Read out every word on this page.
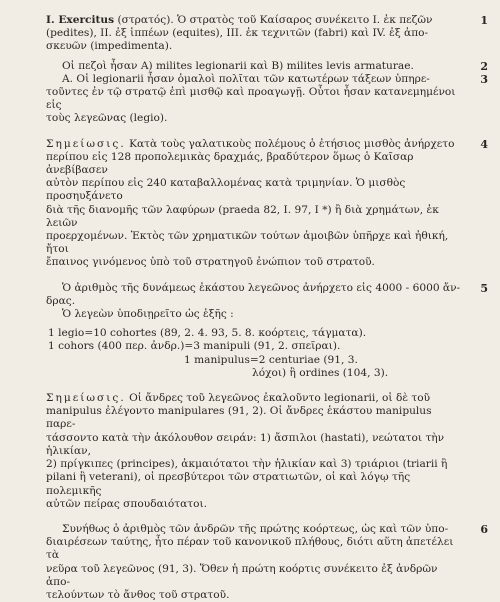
1
I. Exercitus (στρατός). Ὁ στρατὸς τοῦ Καίσαρος συνέκειτο I. ἐκ πεζῶν
(pedites), II. ἐξ ἱππέων (equites), III. ἐκ τεχνιτῶν (fabri) καὶ IV. ἐξ ἀπο-
σκευῶν (impedimenta).
2
Οἱ πεζοὶ ἦσαν A) milites legionarii καὶ B) milites levis armaturae.
3
A. Οἱ legionarii ἦσαν ὁμαλοὶ πολῖται τῶν κατωτέρων τάξεων ὑπηρε-
τοῦντες ἐν τῷ στρατῷ ἐπὶ μισθῷ καὶ προαγωγῇ. Οὗτοι ἦσαν κατανεμημένοι εἰς
τοὺς λεγεῶνας (legio).
4
Σημείωσις. Κατὰ τοὺς γαλατικοὺς πολέμους ὁ ἐτήσιος μισθὸς ἀνήρχετο
περίπου εἰς 128 προπολεμικὰς δραχμάς, βραδύτερον ὅμως ὁ Καῖσαρ ἀνεβίβασεν
αὐτὸν περίπου εἰς 240 καταβαλλομένας κατὰ τριμηνίαν. Ὁ μισθὸς προσηυξάνετο
διὰ τῆς διανομῆς τῶν λαφύρων (praeda 82, I. 97, I *) ἢ διὰ χρημάτων, ἐκ λειῶν
προερχομένων. Ἐκτὸς τῶν χρηματικῶν τούτων ἀμοιβῶν ὑπῆρχε καὶ ἠθική, ἤτοι
ἔπαινος γινόμενος ὑπὸ τοῦ στρατηγοῦ ἐνώπιον τοῦ στρατοῦ.
5
Ὁ ἀριθμὸς τῆς δυνάμεως ἑκάστου λεγεῶνος ἀνήρχετο εἰς 4000 - 6000 ἄν-
δρας.
Ὁ λεγεὼν ὑποδιῃρεῖτο ὡς ἑξῆς :
1 legio=10 cohortes (89, 2. 4. 93, 5. 8. κοόρτεις, τάγματα).
1 cohors (400 περ. ἀνδρ.)=3 manipuli (91, 2. σπεῖραι).
1 manipulus=2 centuriae (91, 3.
λόχοι) ἢ ordines (104, 3).
Σημείωσις. Οἱ ἄνδρες τοῦ λεγεῶνος ἐκαλοῦντο legionarii, οἱ δὲ τοῦ
manipulus ἐλέγοντο manipulares (91, 2). Οἱ ἄνδρες ἑκάστου manipulus παρε-
τάσσοντο κατὰ τὴν ἀκόλουθον σειράν: 1) ἄσπιλοι (hastati), νεώτατοι τὴν ἡλικίαν,
2) πρίγκιπες (principes), ἀκμαιότατοι τὴν ἡλικίαν καὶ 3) τριάριοι (triarii ἢ
pilani ἢ veterani), οἱ πρεσβύτεροι τῶν στρατιωτῶν, οἱ καὶ λόγῳ τῆς πολεμικῆς
αὐτῶν πείρας σπουδαιότατοι.
6
Συνήθως ὁ ἀριθμὸς τῶν ἀνδρῶν τῆς πρώτης κοόρτεως, ὡς καὶ τῶν ὑπο-
διαιρέσεων ταύτης, ἦτο πέραν τοῦ κανονικοῦ πλήθους, διότι αὕτη ἀπετέλει τὰ
νεῦρα τοῦ λεγεῶνος (91, 3). Ὅθεν ἡ πρώτη κοόρτις συνέκειτο ἐξ ἀνδρῶν ἀπο-
τελούντων τὸ ἄνθος τοῦ στρατοῦ.
